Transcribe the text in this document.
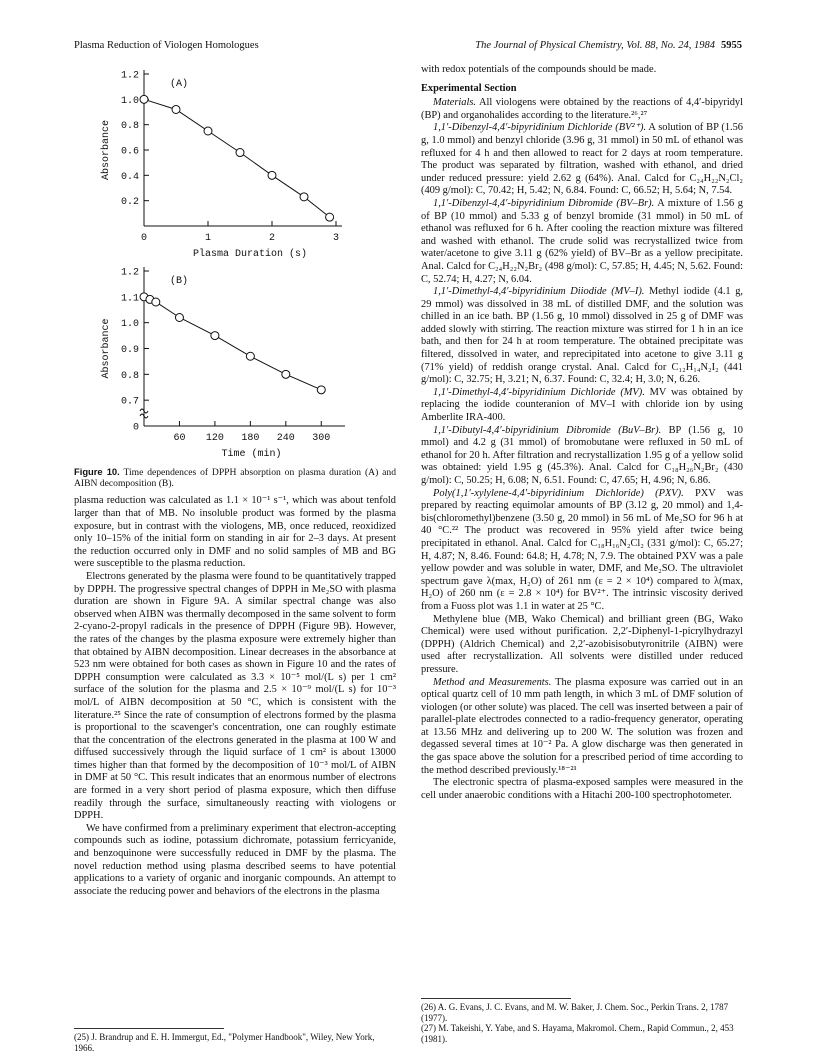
Plasma Reduction of Viologen Homologues	The Journal of Physical Chemistry, Vol. 88, No. 24, 1984 5955
0.2
0.4
0.6
0.8
1.0
1.2
0	1	2	3
(A)
Plasma Duration (s)
Absorbance
0
0.7
0.8
0.9
1.0
1.1
1.2
60 120 180 240 300
(B)
Time (min)
Absorbance
Figure 10. Time dependences of DPPH absorption on plasma duration (A) and AIBN decomposition (B).

plasma reduction was calculated as 1.1 × 10⁻¹ s⁻¹, which was about tenfold larger than that of MB. No insoluble product was formed by the plasma exposure, but in contrast with the viologens, MB, once reduced, reoxidized only 10–15% of the initial form on standing in air for 2–3 days. At present the reduction occurred only in DMF and no solid samples of MB and BG were susceptible to the plasma reduction.

Electrons generated by the plasma were found to be quantitatively trapped by DPPH. The progressive spectral changes of DPPH in Me₂SO with plasma duration are shown in Figure 9A. A similar spectral change was also observed when AIBN was thermally decomposed in the same solvent to form 2-cyano-2-propyl radicals in the presence of DPPH (Figure 9B). However, the rates of the changes by the plasma exposure were extremely higher than that obtained by AIBN decomposition. Linear decreases in the absorbance at 523 nm were obtained for both cases as shown in Figure 10 and the rates of DPPH consumption were calculated as 3.3 × 10⁻⁵ mol/(L s) per 1 cm² surface of the solution for the plasma and 2.5 × 10⁻⁹ mol/(L s) for 10⁻³ mol/L of AIBN decomposition at 50 °C, which is consistent with the literature.²⁵ Since the rate of consumption of electrons formed by the plasma is proportional to the scavenger's concentration, one can roughly estimate that the concentration of the electrons generated in the plasma at 100 W and diffused successively through the liquid surface of 1 cm² is about 13000 times higher than that formed by the decomposition of 10⁻³ mol/L of AIBN in DMF at 50 °C. This result indicates that an enormous number of electrons are formed in a very short period of plasma exposure, which then diffuse readily through the surface, simultaneously reacting with viologens or DPPH.

We have confirmed from a preliminary experiment that electron-accepting compounds such as iodine, potassium dichromate, potassium ferricyanide, and benzoquinone were successfully reduced in DMF by the plasma. The novel reduction method using plasma described seems to have potential applications to a variety of organic and inorganic compounds. An attempt to associate the reducing power and behaviors of the electrons in the plasma

with redox potentials of the compounds should be made.

Experimental Section

Materials. All viologens were obtained by the reactions of 4,4′-bipyridyl (BP) and organohalides according to the literature.²⁶,²⁷

1,1′-Dibenzyl-4,4′-bipyridinium Dichloride (BV²⁺). A solution of BP (1.56 g, 1.0 mmol) and benzyl chloride (3.96 g, 31 mmol) in 50 mL of ethanol was refluxed for 4 h and then allowed to react for 2 days at room temperature. The product was separated by filtration, washed with ethanol, and dried under reduced pressure: yield 2.62 g (64%). Anal. Calcd for C₂₄H₂₂N₂Cl₂ (409 g/mol): C, 70.42; H, 5.42; N, 6.84. Found: C, 66.52; H, 5.64; N, 7.54.

1,1′-Dibenzyl-4,4′-bipyridinium Dibromide (BV–Br). A mixture of 1.56 g of BP (10 mmol) and 5.33 g of benzyl bromide (31 mmol) in 50 mL of ethanol was refluxed for 6 h. After cooling the reaction mixture was filtered and washed with ethanol. The crude solid was recrystallized twice from water/acetone to give 3.11 g (62% yield) of BV–Br as a yellow precipitate. Anal. Calcd for C₂₄H₂₂N₂Br₂ (498 g/mol): C, 57.85; H, 4.45; N, 5.62. Found: C, 52.74; H, 4.27; N, 6.04.

1,1′-Dimethyl-4,4′-bipyridinium Diiodide (MV–I). Methyl iodide (4.1 g, 29 mmol) was dissolved in 38 mL of distilled DMF, and the solution was chilled in an ice bath. BP (1.56 g, 10 mmol) dissolved in 25 g of DMF was added slowly with stirring. The reaction mixture was stirred for 1 h in an ice bath, and then for 24 h at room temperature. The obtained precipitate was filtered, dissolved in water, and reprecipitated into acetone to give 3.11 g (71% yield) of reddish orange crystal. Anal. Calcd for C₁₂H₁₄N₂I₂ (441 g/mol): C, 32.75; H, 3.21; N, 6.37. Found: C, 32.4; H, 3.0; N, 6.26.

1,1′-Dimethyl-4,4′-bipyridinium Dichloride (MV). MV was obtained by replacing the iodide counteranion of MV–I with chloride ion by using Amberlite IRA-400.

1,1′-Dibutyl-4,4′-bipyridinium Dibromide (BuV–Br). BP (1.56 g, 10 mmol) and 4.2 g (31 mmol) of bromobutane were refluxed in 50 mL of ethanol for 20 h. After filtration and recrystallization 1.95 g of a yellow solid was obtained: yield 1.95 g (45.3%). Anal. Calcd for C₁₈H₂₆N₂Br₂ (430 g/mol): C, 50.25; H, 6.08; N, 6.51. Found: C, 47.65; H, 4.96; N, 6.86.

Poly(1,1′-xylylene-4,4′-bipyridinium Dichloride) (PXV). PXV was prepared by reacting equimolar amounts of BP (3.12 g, 20 mmol) and 1,4-bis(chloromethyl)benzene (3.50 g, 20 mmol) in 56 mL of Me₂SO for 96 h at 40 °C.²² The product was recovered in 95% yield after twice being precipitated in ethanol. Anal. Calcd for C₁₈H₁₆N₂Cl₂ (331 g/mol): C, 65.27; H, 4.87; N, 8.46. Found: 64.8; H, 4.78; N, 7.9. The obtained PXV was a pale yellow powder and was soluble in water, DMF, and Me₂SO. The ultraviolet spectrum gave λ(max, H₂O) of 261 nm (ε = 2 × 10⁴) compared to λ(max, H₂O) of 260 nm (ε = 2.8 × 10⁴) for BV²⁺. The intrinsic viscosity derived from a Fuoss plot was 1.1 in water at 25 °C.

Methylene blue (MB, Wako Chemical) and brilliant green (BG, Wako Chemical) were used without purification. 2,2′-Diphenyl-1-picrylhydrazyl (DPPH) (Aldrich Chemical) and 2,2′-azobisisobutyronitrile (AIBN) were used after recrystallization. All solvents were distilled under reduced pressure.

Method and Measurements. The plasma exposure was carried out in an optical quartz cell of 10 mm path length, in which 3 mL of DMF solution of viologen (or other solute) was placed. The cell was inserted between a pair of parallel-plate electrodes connected to a radio-frequency generator, operating at 13.56 MHz and delivering up to 200 W. The solution was frozen and degassed several times at 10⁻² Pa. A glow discharge was then generated in the gas space above the solution for a prescribed period of time according to the method described previously.¹⁸⁻²¹

The electronic spectra of plasma-exposed samples were measured in the cell under anaerobic conditions with a Hitachi 200-100 spectrophotometer.

(25) J. Brandrup and E. H. Immergut, Ed., "Polymer Handbook", Wiley, New York, 1966.
(26) A. G. Evans, J. C. Evans, and M. W. Baker, J. Chem. Soc., Perkin Trans. 2, 1787 (1977).
(27) M. Takeishi, Y. Yabe, and S. Hayama, Makromol. Chem., Rapid Commun., 2, 453 (1981).
